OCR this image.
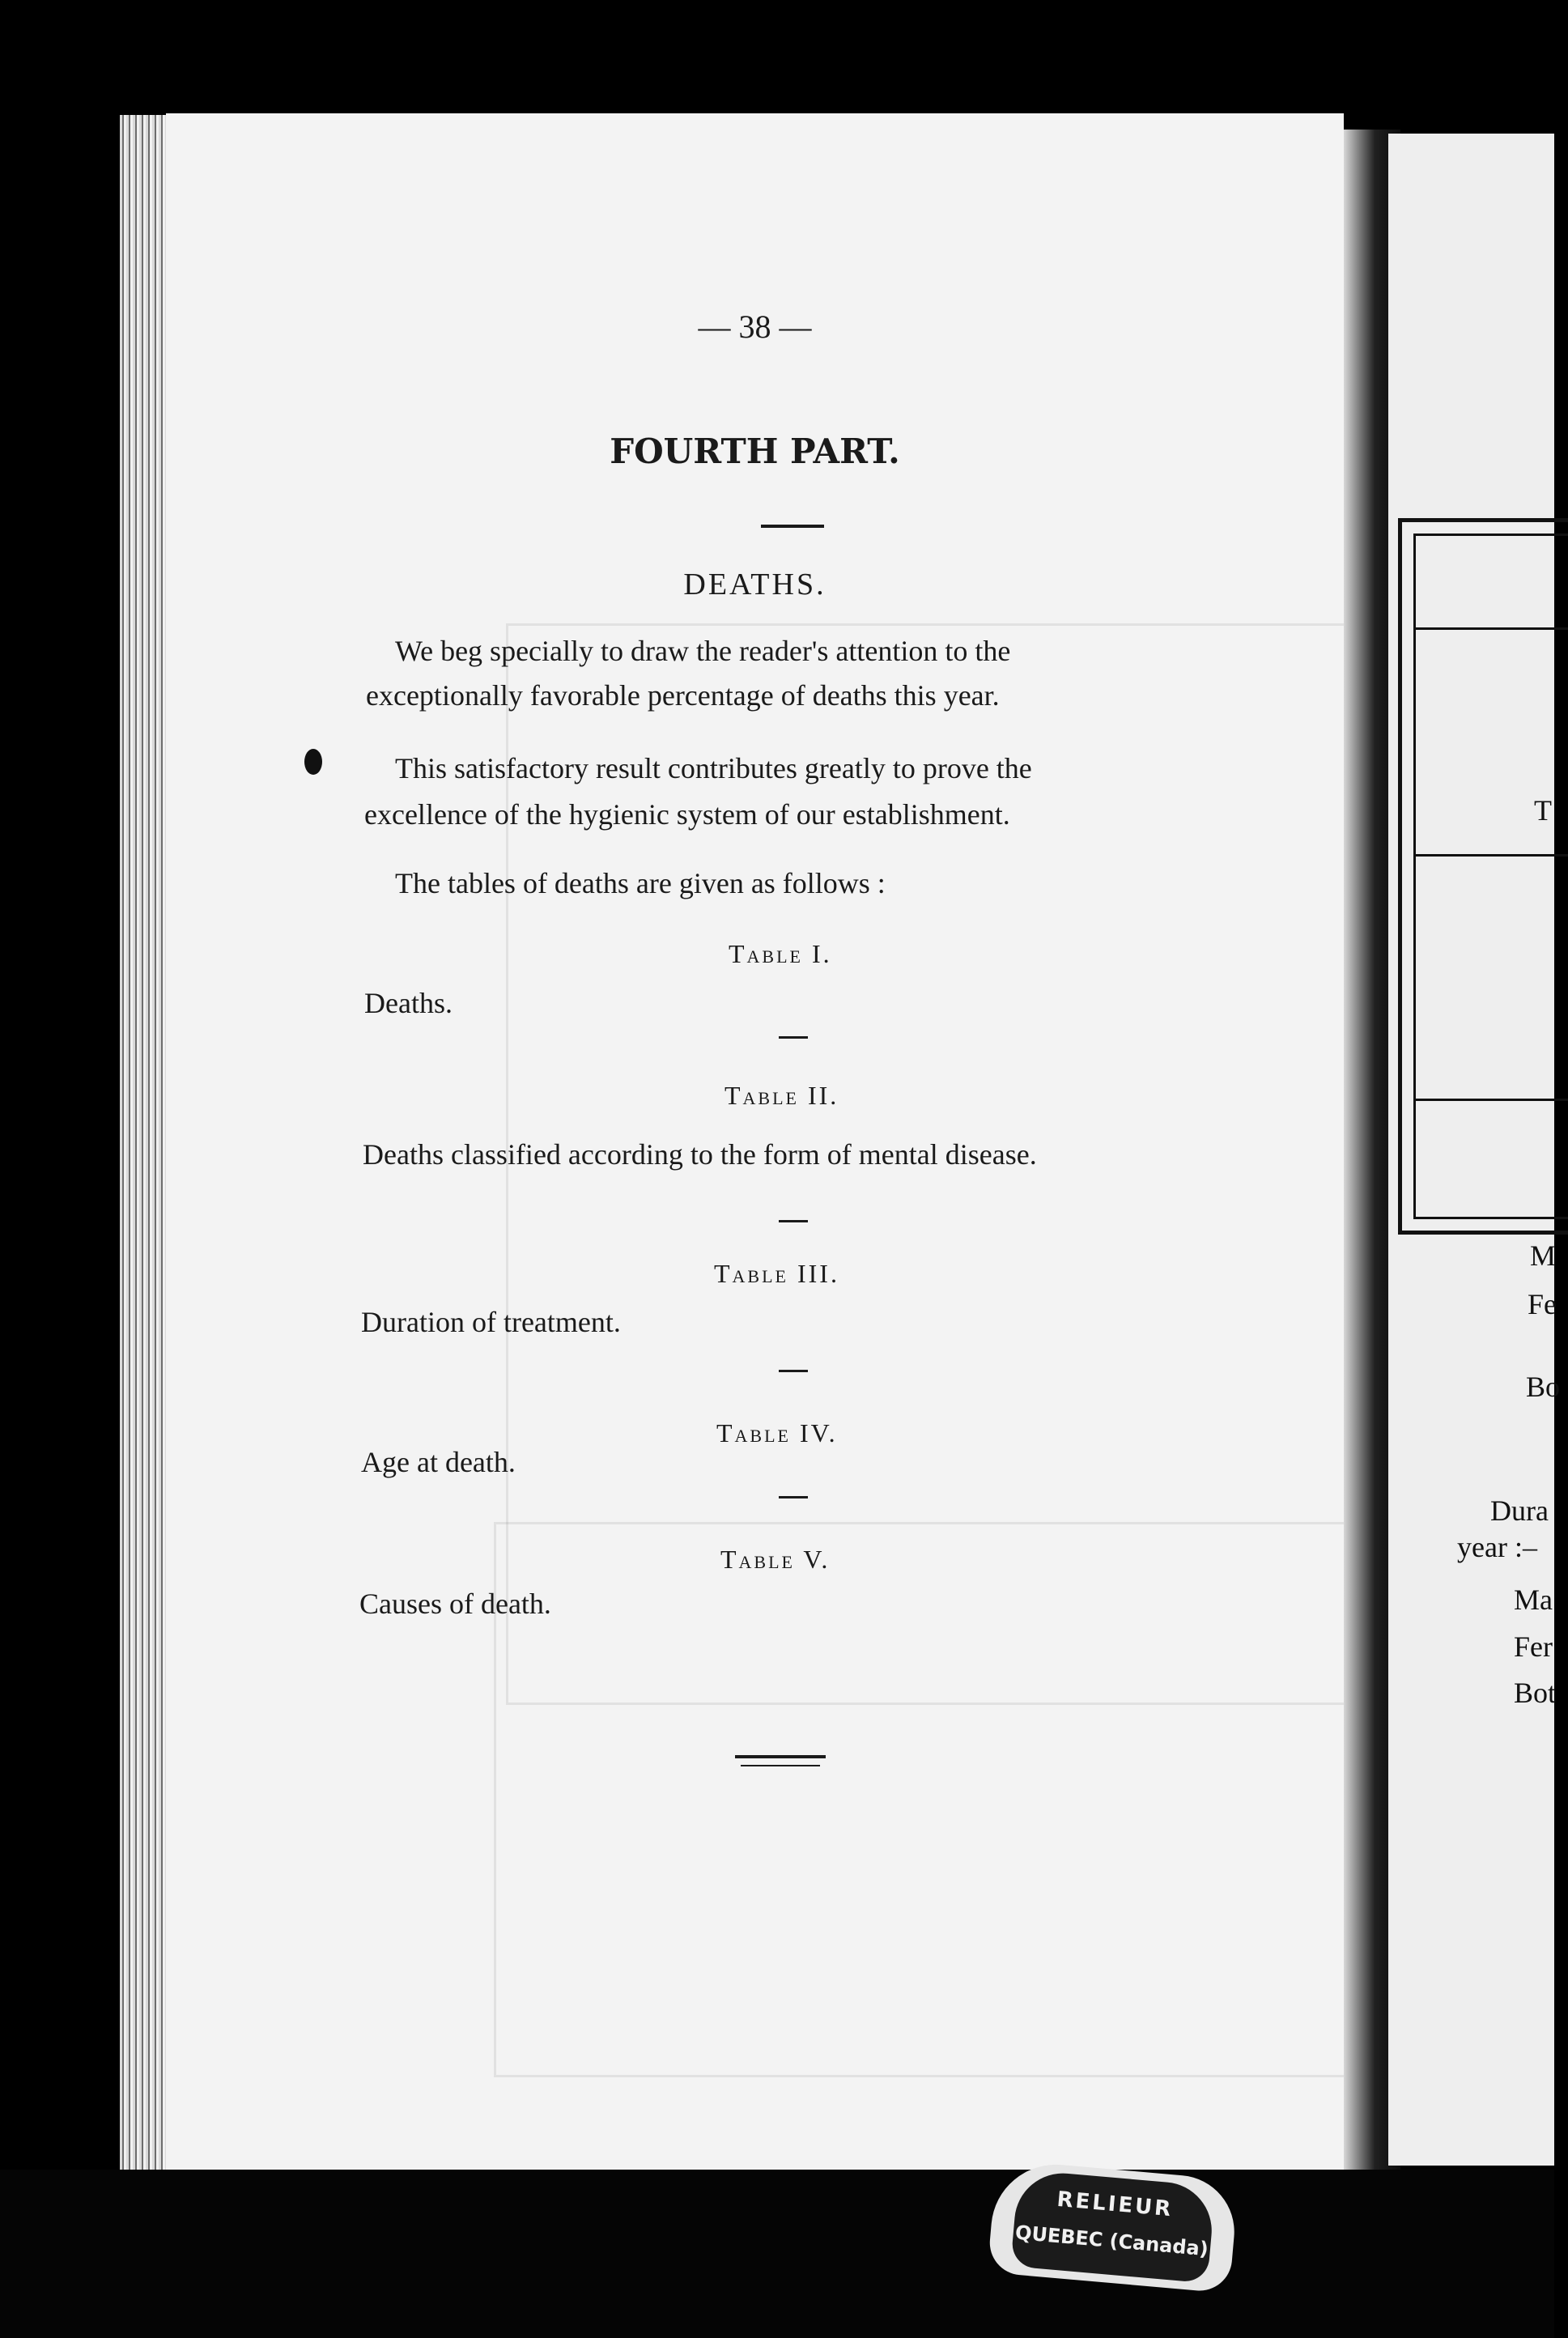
T
M
Fe
Bo
Dura
year :–
Ma
Fer
Bot
— 38 —
FOURTH PART.
DEATHS.
We beg specially to draw the reader's attention to the
exceptionally favorable percentage of deaths this year.
This satisfactory result contributes greatly to prove the
excellence of the hygienic system of our establishment.
The tables of deaths are given as follows :
Table I.
Deaths.
Table II.
Deaths classified according to the form of mental disease.
Table III.
Duration of treatment.
Table IV.
Age at death.
Table V.
Causes of death.
RELIEUR
QUEBEC (Canada)
